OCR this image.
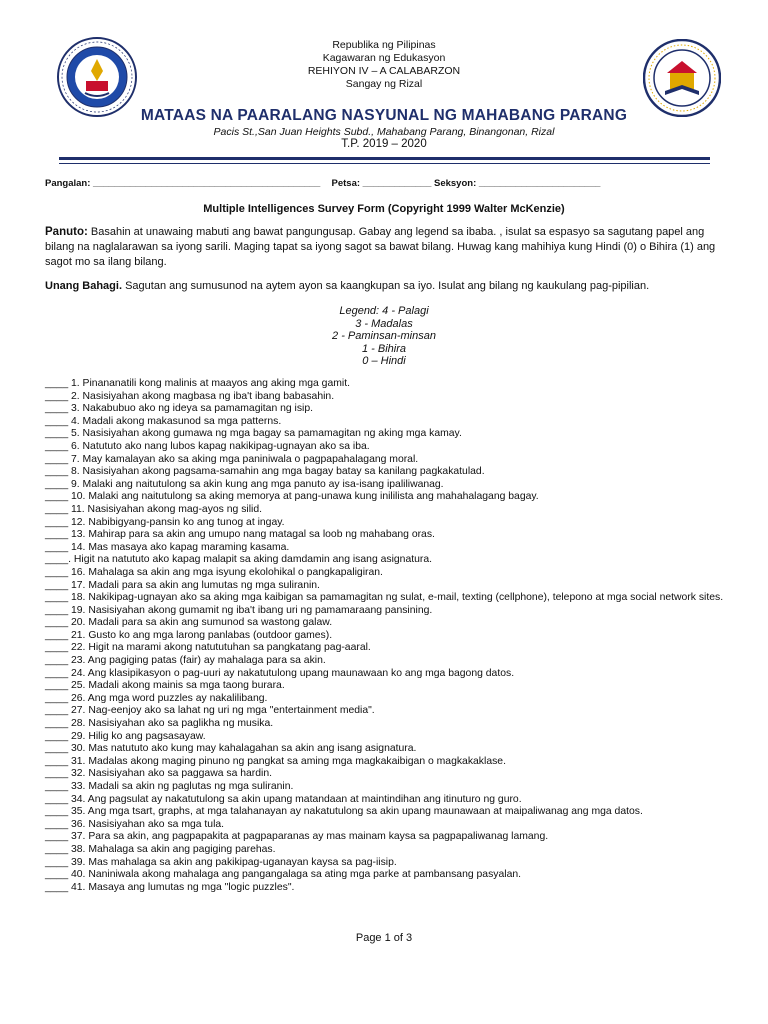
Republika ng Pilipinas
Kagawaran ng Edukasyon
REHIYON IV – A CALABARZON
Sangay ng Rizal
MATAAS NA PAARALANG NASYUNAL NG MAHABANG PARANG
Pacis St.,San Juan Heights Subd., Mahabang Parang, Binangonan, Rizal
T.P. 2019 – 2020
Pangalan: ___________________________________________ Petsa: _____________ Seksyon: _______________________
Multiple Intelligences Survey Form (Copyright 1999 Walter McKenzie)
Panuto: Basahin at unawaing mabuti ang bawat pangungusap. Gabay ang legend sa ibaba. , isulat sa espasyo sa sagutang papel ang bilang na naglalarawan sa iyong sarili. Maging tapat sa iyong sagot sa bawat bilang. Huwag kang mahihiya kung Hindi (0) o Bihira (1) ang sagot mo sa ilang bilang.
Unang Bahagi. Sagutan ang sumusunod na aytem ayon sa kaangkupan sa iyo. Isulat ang bilang ng kaukulang pag-pipilian.
Legend: 4 - Palagi
3 - Madalas
2 - Paminsan-minsan
1 - Bihira
0 – Hindi
____ 1. Pinananatili kong malinis at maayos ang aking mga gamit.
____ 2. Nasisiyahan akong magbasa ng iba't ibang babasahin.
____ 3. Nakabubuo ako ng ideya sa pamamagitan ng isip.
____ 4. Madali akong makasunod sa mga patterns.
____ 5. Nasisiyahan akong gumawa ng mga bagay sa pamamagitan ng aking mga kamay.
____ 6. Natututo ako nang lubos kapag nakikipag-ugnayan ako sa iba.
____ 7. May kamalayan ako sa aking mga paniniwala o pagpapahalagang moral.
____ 8. Nasisiyahan akong pagsama-samahin ang mga bagay batay sa kanilang pagkakatulad.
____ 9. Malaki ang naitutulong sa akin kung ang mga panuto ay isa-isang ipaliliwanag.
____ 10. Malaki ang naitutulong sa aking memorya at pang-unawa kung inililista ang mahahalagang bagay.
____ 11. Nasisiyahan akong mag-ayos ng silid.
____ 12. Nabibigyang-pansin ko ang tunog at ingay.
____ 13. Mahirap para sa akin ang umupo nang matagal sa loob ng mahabang oras.
____ 14. Mas masaya ako kapag maraming kasama.
____. Higit na natututo ako kapag malapit sa aking damdamin ang isang asignatura.
____ 16. Mahalaga sa akin ang mga isyung ekolohikal o pangkapaligiran.
____ 17. Madali para sa akin ang lumutas ng mga suliranin.
____ 18. Nakikipag-ugnayan ako sa aking mga kaibigan sa pamamagitan ng sulat, e-mail, texting (cellphone), telepono at mga social network sites.
____ 19. Nasisiyahan akong gumamit ng iba't ibang uri ng pamamaraang pansining.
____ 20. Madali para sa akin ang sumunod sa wastong galaw.
____ 21. Gusto ko ang mga larong panlabas (outdoor games).
____ 22. Higit na marami akong natututuhan sa pangkatang pag-aaral.
____ 23. Ang pagiging patas (fair) ay mahalaga para sa akin.
____ 24. Ang klasipikasyon o pag-uuri ay nakatutulong upang maunawaan ko ang mga bagong datos.
____ 25. Madali akong mainis sa mga taong burara.
____ 26. Ang mga word puzzles ay nakalilibang.
____ 27. Nag-eenjoy ako sa lahat ng uri ng mga "entertainment media".
____ 28. Nasisiyahan ako sa paglikha ng musika.
____ 29. Hilig ko ang pagsasayaw.
____ 30. Mas natututo ako kung may kahalagahan sa akin ang isang asignatura.
____ 31. Madalas akong maging pinuno ng pangkat sa aming mga magkakaibigan o magkakaklase.
____ 32. Nasisiyahan ako sa paggawa sa hardin.
____ 33. Madali sa akin ng paglutas ng mga suliranin.
____ 34. Ang pagsulat ay nakatutulong sa akin upang matandaan at maintindihan ang itinuturo ng guro.
____ 35. Ang mga tsart, graphs, at mga talahanayan ay nakatutulong sa akin upang maunawaan at maipaliwanag ang mga datos.
____ 36. Nasisiyahan ako sa mga tula.
____ 37. Para sa akin, ang pagpapakita at pagpaparanas ay mas mainam kaysa sa pagpapaliwanag lamang.
____ 38. Mahalaga sa akin ang pagiging parehas.
____ 39. Mas mahalaga sa akin ang pakikipag-uganayan kaysa sa pag-iisip.
____ 40. Naniniwala akong mahalaga ang pangangalaga sa ating mga parke at pambansang pasyalan.
____ 41. Masaya ang lumutas ng mga "logic puzzles".
Page 1 of 3
